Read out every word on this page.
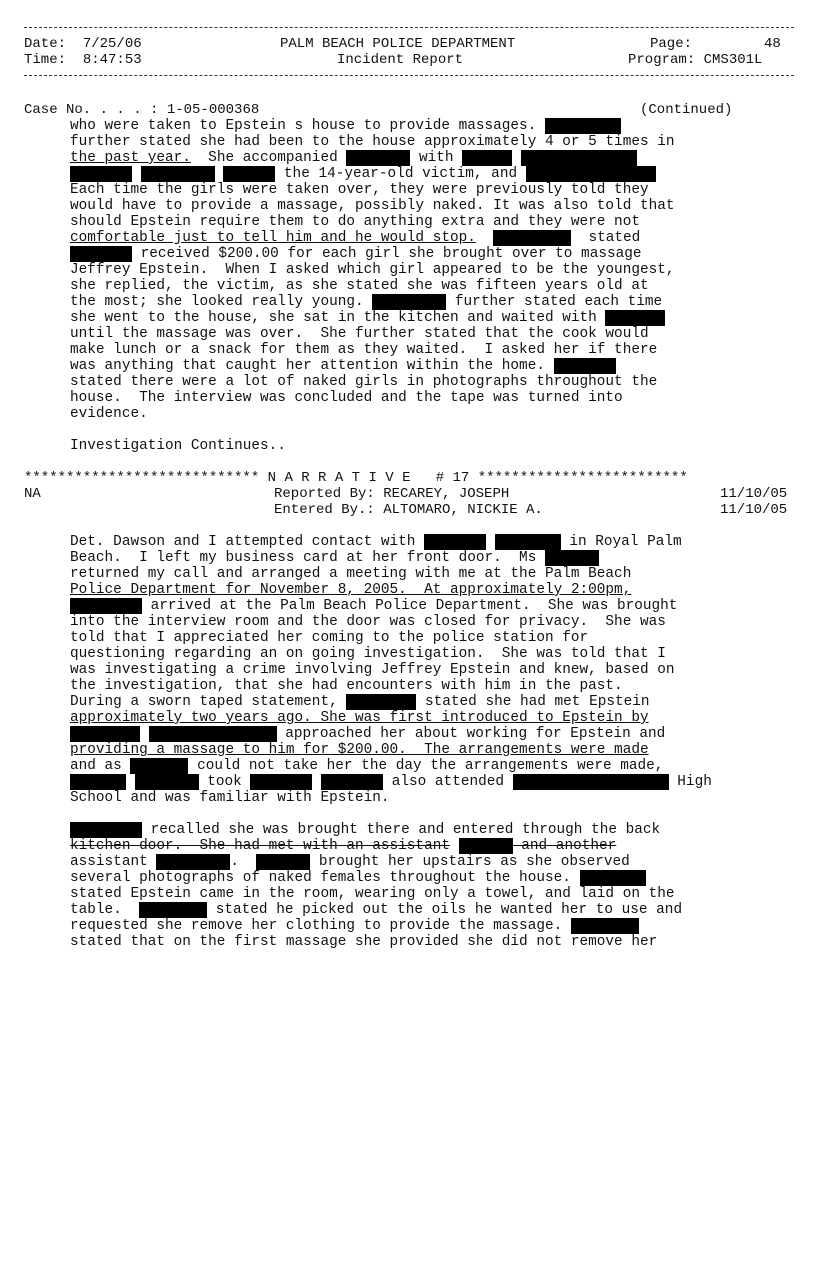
Date: 7/25/06

Time: 8:47:53

PALM BEACH POLICE DEPARTMENT

Incident Report

Page:

	48

Program: CMS301L

Case No. . . . : 1-05-000368

	(Continued)

who were taken to Epstein s house to provide massages.

further stated she had been to the house approximately 4 or 5 times in

the past year.  She accompanied	with

the 14-year-old victim, and

Each time the girls were taken over, they were previously told they

would have to provide a massage, possibly naked. It was also told that

should Epstein require them to do anything extra and they were not

comfortable just to tell him and he would stop.	stated

received $200.00 for each girl she brought over to massage

Jeffrey Epstein.  When I asked which girl appeared to be the youngest,

she replied, the victim, as she stated she was fifteen years old at

the most; she looked really young.	further stated each time

she went to the house, she sat in the kitchen and waited with

until the massage was over.  She further stated that the cook would

make lunch or a snack for them as they waited.  I asked her if there

was anything that caught her attention within the home.

stated there were a lot of naked girls in photographs throughout the

house.  The interview was concluded and the tape was turned into

evidence.

Investigation Continues..

**************************** N A R R A T I V E # 17 *************************

NA

	Reported By: RECAREY, JOSEPH

	11/10/05

Entered By.: ALTOMARO, NICKIE A.

	11/10/05

Det. Dawson and I attempted contact with	in Royal Palm

Beach.  I left my business card at her front door.  Ms

returned my call and arranged a meeting with me at the Palm Beach

Police Department for November 8, 2005.  At approximately 2:00pm,

arrived at the Palm Beach Police Department.  She was brought

into the interview room and the door was closed for privacy.  She was

told that I appreciated her coming to the police station for

questioning regarding an on going investigation.  She was told that I

was investigating a crime involving Jeffrey Epstein and knew, based on

the investigation, that she had encounters with him in the past.

During a sworn taped statement,	stated she had met Epstein

approximately two years ago. She was first introduced to Epstein by

approached her about working for Epstein and

providing a massage to him for $200.00.  The arrangements were made

and as	could not take her the day the arrangements were made,

took	also attended	High

School and was familiar with Epstein.

recalled she was brought there and entered through the back

kitchen door.  She had met with an assistant	and another

assistant	.	brought her upstairs as she observed

several photographs of naked females throughout the house.

stated Epstein came in the room, wearing only a towel, and laid on the

table.	stated he picked out the oils he wanted her to use and

requested she remove her clothing to provide the massage.

stated that on the first massage she provided she did not remove her
